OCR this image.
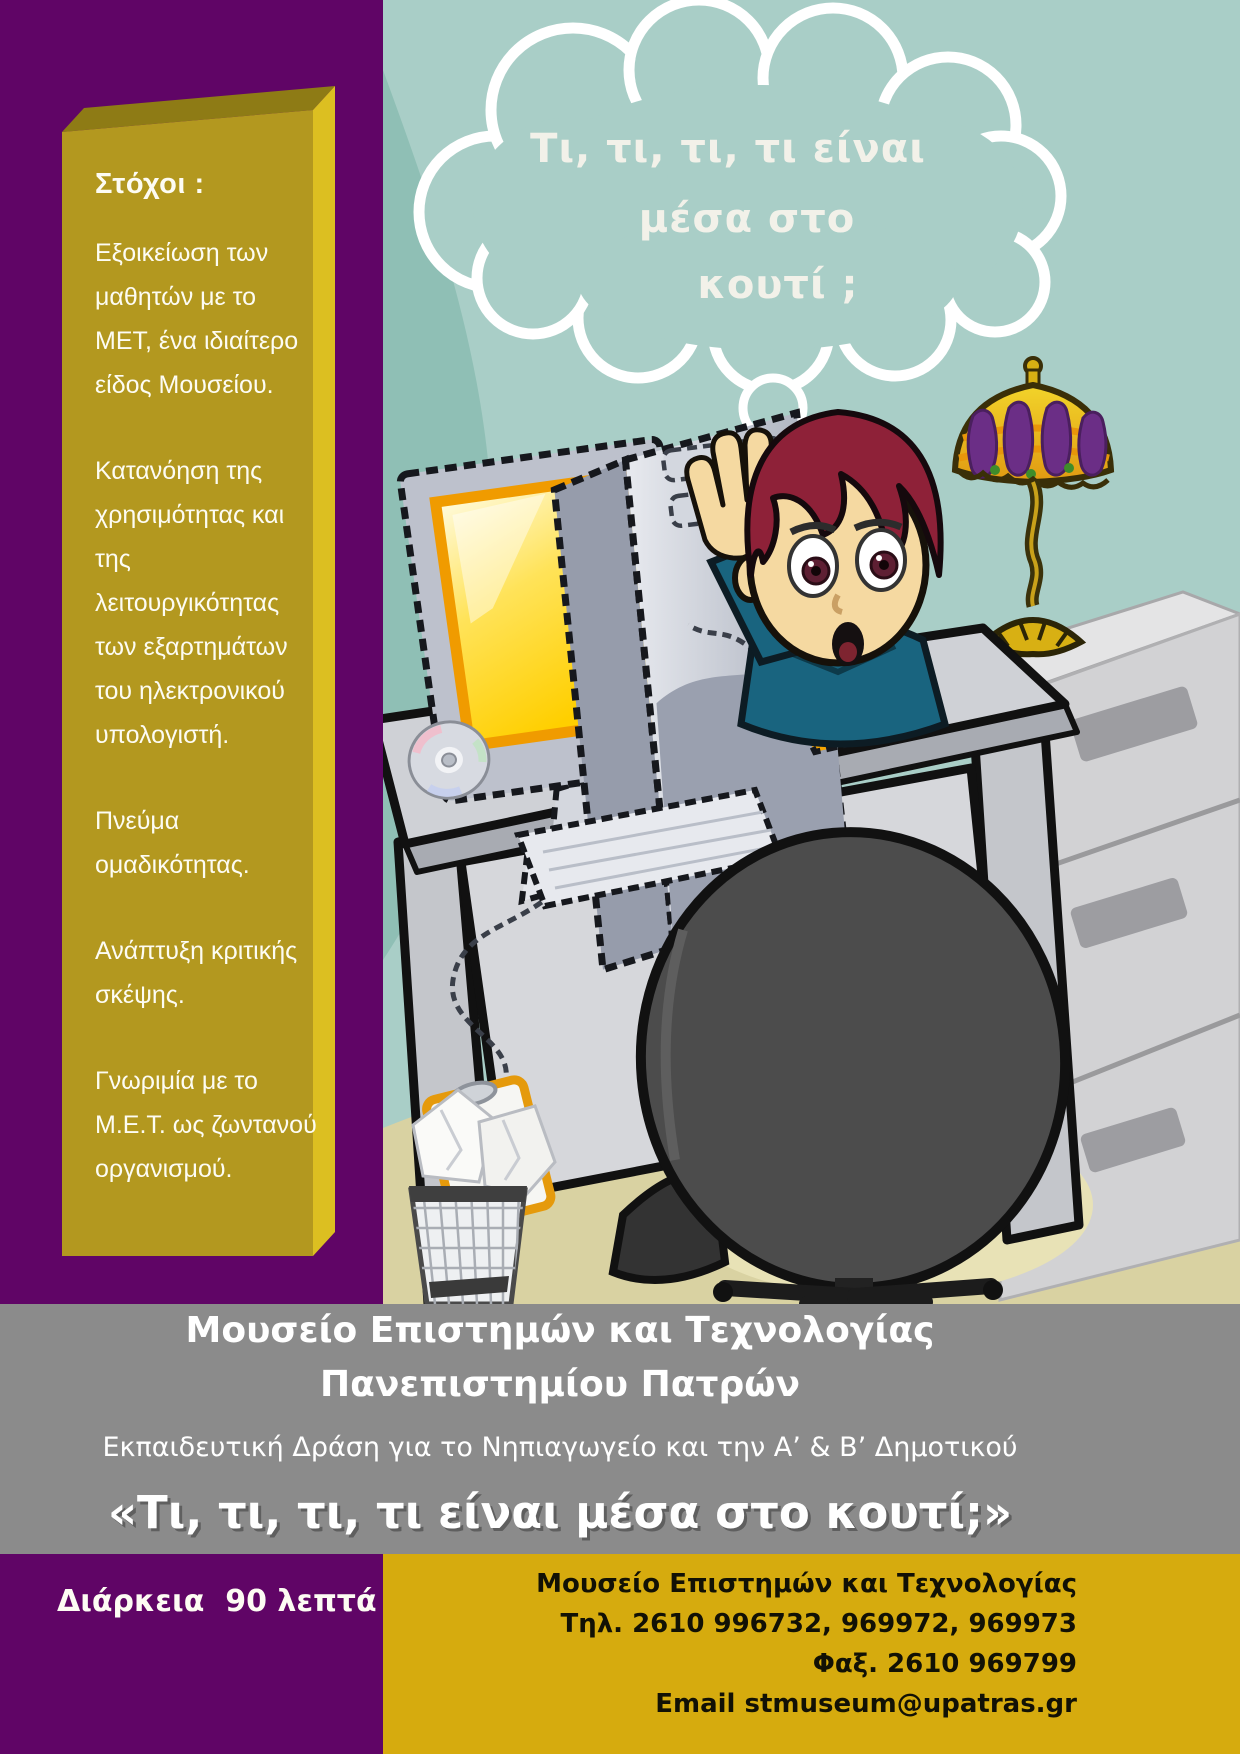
Τι, τι, τι, τι είναι
μέσα στο
κουτί ;
Στόχοι :

Εξοικείωση των μαθητών με το ΜΕΤ, ένα ιδιαίτερο είδος Μουσείου.

Κατανόηση της χρησιμότητας και της λειτουργικότητας των εξαρτημάτων του ηλεκτρονικού υπολογιστή.

Πνεύμα ομαδικότητας.

Ανάπτυξη κριτικής σκέψης.

Γνωριμία με το Μ.Ε.Τ. ως ζωντανού οργανισμού.

Μουσείο Επιστημών και Τεχνολογίας
Πανεπιστημίου Πατρών
Εκπαιδευτική Δράση για το Νηπιαγωγείο και την Α’ & Β’ Δημοτικού
«Τι, τι, τι, τι είναι μέσα στο κουτί;»
Διάρκεια  90 λεπτά	Μουσείο Επιστημών και Τεχνολογίας
Τηλ. 2610 996732, 969972, 969973
Φαξ. 2610 969799
Email stmuseum@upatras.gr
